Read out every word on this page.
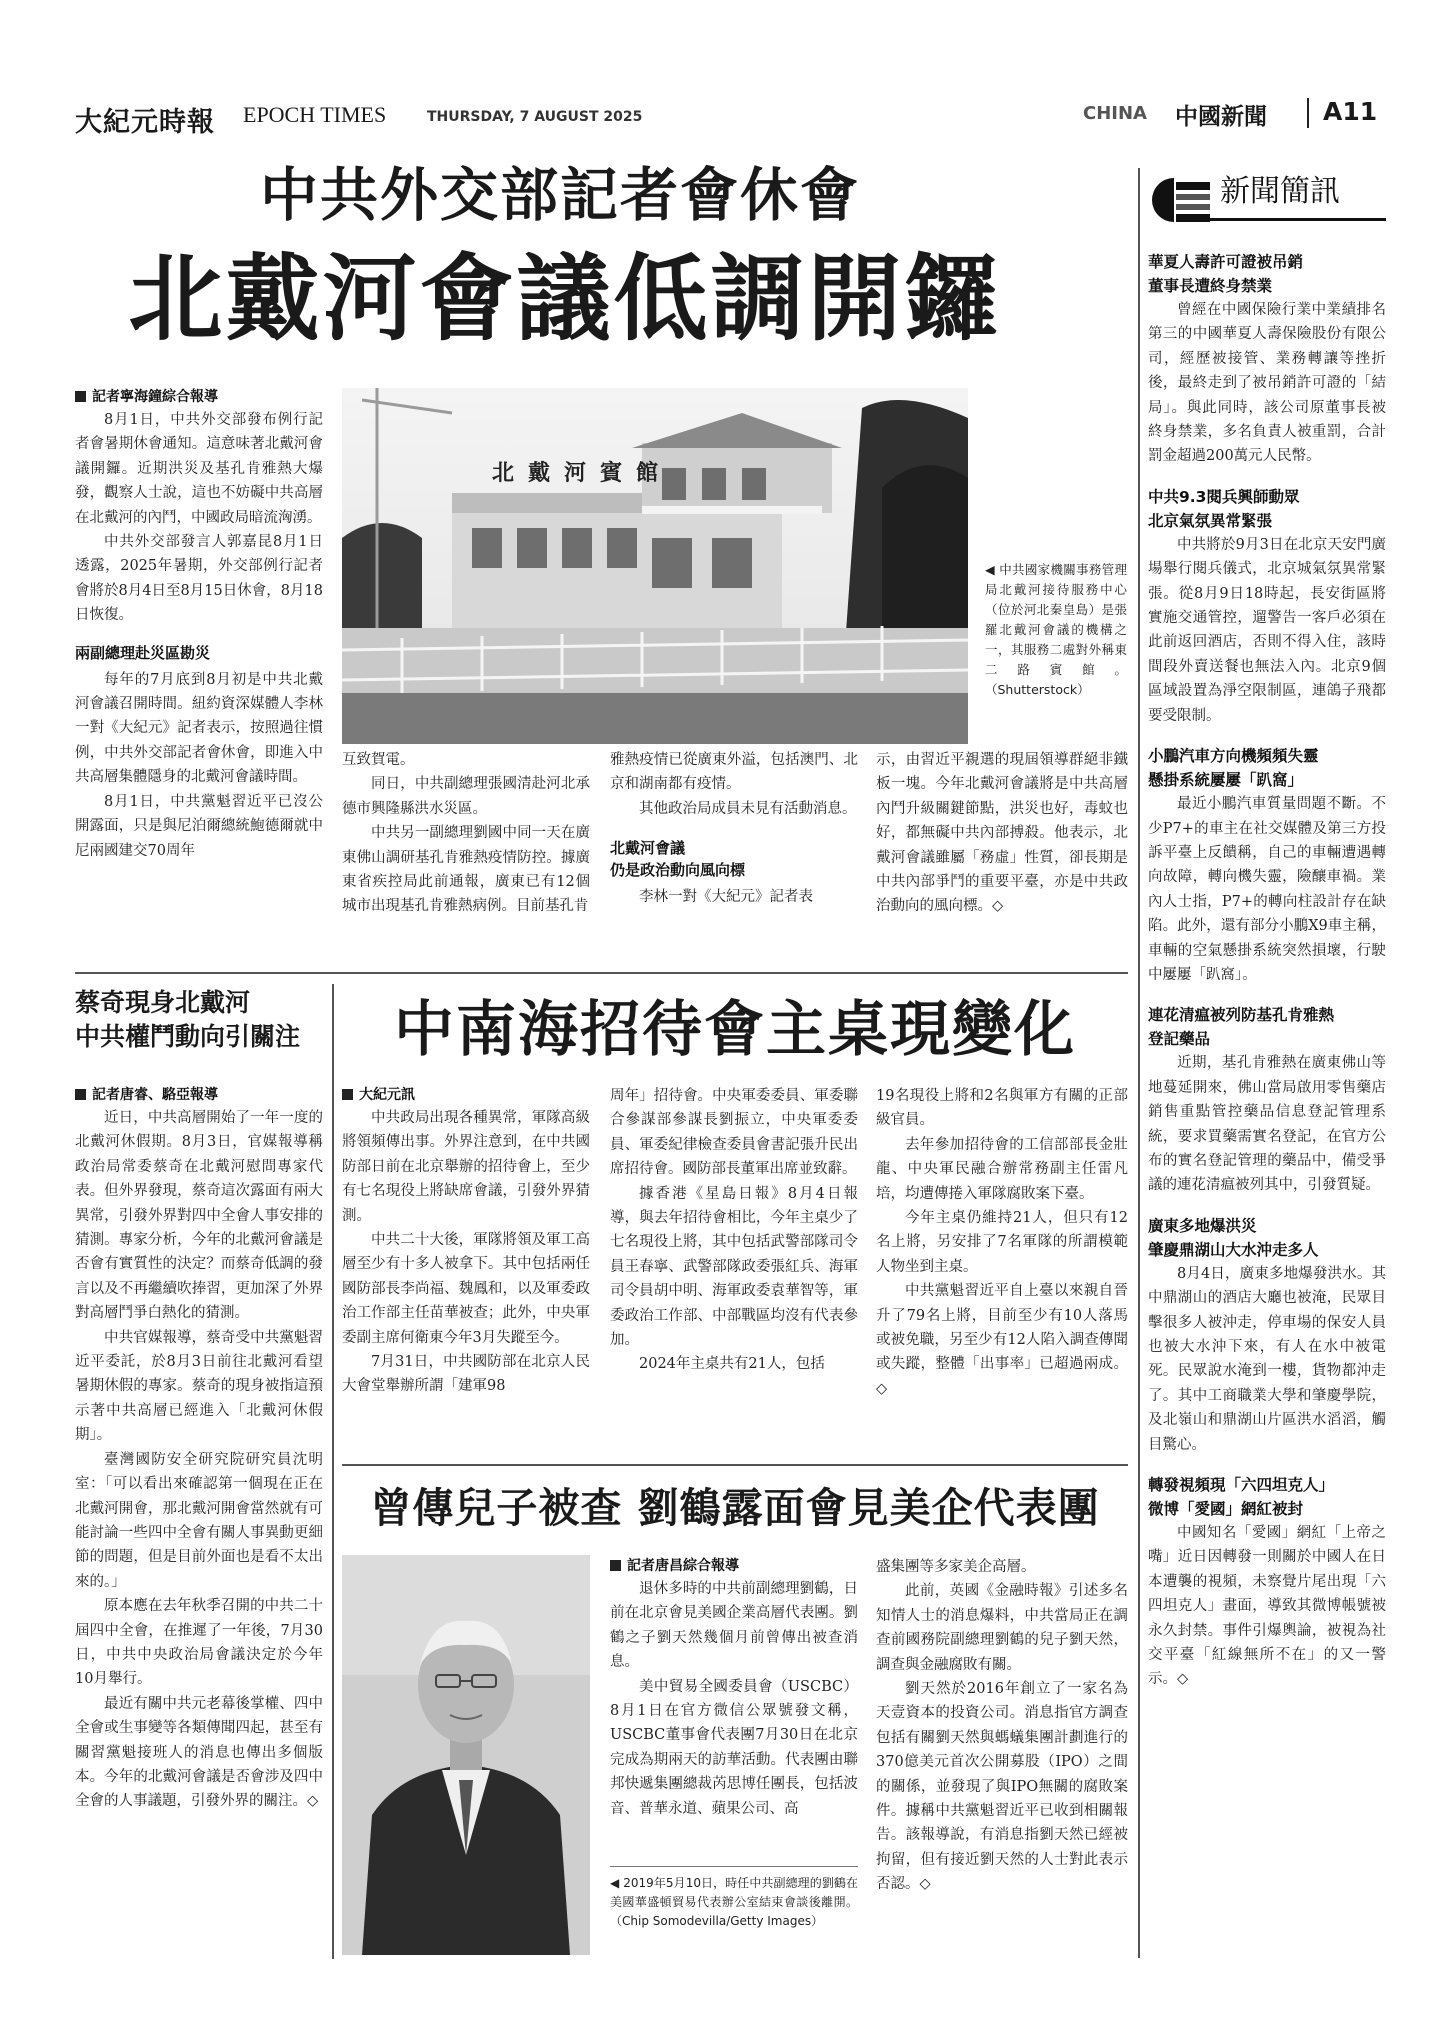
大紀元時報 EPOCH TIMES	THURSDAY, 7 AUGUST 2025	CHINA 中國新聞 A11
中共外交部記者會休會
北戴河會議低調開鑼
記者寧海鐘綜合報導

8月1日，中共外交部發布例行記者會暑期休會通知。這意味著北戴河會議開鑼。近期洪災及基孔肯雅熱大爆發，觀察人士說，這也不妨礙中共高層在北戴河的內鬥，中國政局暗流洶湧。

中共外交部發言人郭嘉昆8月1日透露，2025年暑期，外交部例行記者會將於8月4日至8月15日休會，8月18日恢復。

兩副總理赴災區勘災

每年的7月底到8月初是中共北戴河會議召開時間。紐約資深媒體人李林一對《大紀元》記者表示，按照過往慣例，中共外交部記者會休會，即進入中共高層集體隱身的北戴河會議時間。

8月1日，中共黨魁習近平已沒公開露面，只是與尼泊爾總統鮑德爾就中尼兩國建交70周年

北戴河賓館
◀ 中共國家機關事務管理局北戴河接待服務中心（位於河北秦皇島）是張羅北戴河會議的機構之一，其服務二處對外稱東二路賓館。（Shutterstock）
互致賀電。

同日，中共副總理張國清赴河北承德市興隆縣洪水災區。

中共另一副總理劉國中同一天在廣東佛山調研基孔肯雅熱疫情防控。據廣東省疾控局此前通報，廣東已有12個城市出現基孔肯雅熱病例。目前基孔肯

雅熱疫情已從廣東外溢，包括澳門、北京和湖南都有疫情。

其他政治局成員未見有活動消息。

北戴河會議
仍是政治動向風向標

李林一對《大紀元》記者表

示，由習近平親選的現屆領導群絕非鐵板一塊。今年北戴河會議將是中共高層內鬥升級關鍵節點，洪災也好，毒蚊也好，都無礙中共內部搏殺。他表示，北戴河會議雖屬「務虛」性質，卻長期是中共內部爭鬥的重要平臺，亦是中共政治動向的風向標。◇
蔡奇現身北戴河
中共權鬥動向引關注
記者唐睿、駱亞報導

近日，中共高層開始了一年一度的北戴河休假期。8月3日，官媒報導稱政治局常委蔡奇在北戴河慰問專家代表。但外界發現，蔡奇這次露面有兩大異常，引發外界對四中全會人事安排的猜測。專家分析，今年的北戴河會議是否會有實質性的決定？而蔡奇低調的發言以及不再繼續吹捧習，更加深了外界對高層鬥爭白熱化的猜測。

中共官媒報導，蔡奇受中共黨魁習近平委託，於8月3日前往北戴河看望暑期休假的專家。蔡奇的現身被指這預示著中共高層已經進入「北戴河休假期」。

臺灣國防安全研究院研究員沈明室：「可以看出來確認第一個現在正在北戴河開會，那北戴河開會當然就有可能討論一些四中全會有關人事異動更細節的問題，但是目前外面也是看不太出來的。」

原本應在去年秋季召開的中共二十屆四中全會，在推遲了一年後，7月30日，中共中央政治局會議決定於今年10月舉行。

最近有關中共元老幕後掌權、四中全會或生事變等各類傳聞四起，甚至有關習黨魁接班人的消息也傳出多個版本。今年的北戴河會議是否會涉及四中全會的人事議題，引發外界的關注。◇

中南海招待會主桌現變化
大紀元訊

中共政局出現各種異常，軍隊高級將領頻傳出事。外界注意到，在中共國防部日前在北京舉辦的招待會上，至少有七名現役上將缺席會議，引發外界猜測。

中共二十大後，軍隊將領及軍工高層至少有十多人被拿下。其中包括兩任國防部長李尚福、魏鳳和，以及軍委政治工作部主任苗華被查；此外，中央軍委副主席何衛東今年3月失蹤至今。

7月31日，中共國防部在北京人民大會堂舉辦所謂「建軍98

周年」招待會。中央軍委委員、軍委聯合參謀部參謀長劉振立，中央軍委委員、軍委紀律檢查委員會書記張升民出席招待會。國防部長董軍出席並致辭。

據香港《星島日報》8月4日報導，與去年招待會相比，今年主桌少了七名現役上將，其中包括武警部隊司令員王春寧、武警部隊政委張紅兵、海軍司令員胡中明、海軍政委袁華智等，軍委政治工作部、中部戰區均沒有代表參加。

2024年主桌共有21人，包括

19名現役上將和2名與軍方有關的正部級官員。

去年參加招待會的工信部部長金壯龍、中央軍民融合辦常務副主任雷凡培，均遭傳捲入軍隊腐敗案下臺。

今年主桌仍維持21人，但只有12名上將，另安排了7名軍隊的所謂模範人物坐到主桌。

中共黨魁習近平自上臺以來親自晉升了79名上將，目前至少有10人落馬或被免職，另至少有12人陷入調查傳聞或失蹤，整體「出事率」已超過兩成。◇

曾傳兒子被查 劉鶴露面會見美企代表團
記者唐昌綜合報導

退休多時的中共前副總理劉鶴，日前在北京會見美國企業高層代表團。劉鶴之子劉天然幾個月前曾傳出被查消息。

美中貿易全國委員會（USCBC）8月1日在官方微信公眾號發文稱，USCBC董事會代表團7月30日在北京完成為期兩天的訪華活動。代表團由聯邦快遞集團總裁芮思博任團長，包括波音、普華永道、蘋果公司、高

◀ 2019年5月10日，時任中共副總理的劉鶴在美國華盛頓貿易代表辦公室結束會談後離開。（Chip Somodevilla/Getty Images）
盛集團等多家美企高層。

此前，英國《金融時報》引述多名知情人士的消息爆料，中共當局正在調查前國務院副總理劉鶴的兒子劉天然，調查與金融腐敗有關。

劉天然於2016年創立了一家名為天壹資本的投資公司。消息指官方調查包括有關劉天然與螞蟻集團計劃進行的370億美元首次公開募股（IPO）之間的關係，並發現了與IPO無關的腐敗案件。據稱中共黨魁習近平已收到相關報告。該報導說，有消息指劉天然已經被拘留，但有接近劉天然的人士對此表示否認。◇

新聞簡訊
華夏人壽許可證被吊銷
董事長遭終身禁業
曾經在中國保險行業中業績排名第三的中國華夏人壽保險股份有限公司，經歷被接管、業務轉讓等挫折後，最終走到了被吊銷許可證的「結局」。與此同時，該公司原董事長被終身禁業，多名負責人被重罰，合計罰金超過200萬元人民幣。
中共9.3閱兵興師動眾
北京氣氛異常緊張
中共將於9月3日在北京天安門廣場舉行閱兵儀式，北京城氣氛異常緊張。從8月9日18時起，長安街區將實施交通管控，遛警告一客戶必須在此前返回酒店，否則不得入住，該時間段外賣送餐也無法入內。北京9個區域設置為淨空限制區，連鴿子飛都要受限制。
小鵬汽車方向機頻頻失靈
懸掛系統屢屢「趴窩」
最近小鵬汽車質量問題不斷。不少P7+的車主在社交媒體及第三方投訴平臺上反饋稱，自己的車輛遭遇轉向故障，轉向機失靈，險釀車禍。業內人士指，P7+的轉向柱設計存在缺陷。此外，還有部分小鵬X9車主稱，車輛的空氣懸掛系統突然損壞，行駛中屢屢「趴窩」。
連花清瘟被列防基孔肯雅熱
登記藥品
近期，基孔肯雅熱在廣東佛山等地蔓延開來，佛山當局啟用零售藥店銷售重點管控藥品信息登記管理系統，要求買藥需實名登記，在官方公布的實名登記管理的藥品中，備受爭議的連花清瘟被列其中，引發質疑。
廣東多地爆洪災
肇慶鼎湖山大水沖走多人
8月4日，廣東多地爆發洪水。其中鼎湖山的酒店大廳也被淹，民眾目擊很多人被沖走，停車場的保安人員也被大水沖下來，有人在水中被電死。民眾說水淹到一樓，貨物都沖走了。其中工商職業大學和肇慶學院，及北嶺山和鼎湖山片區洪水滔滔，觸目驚心。
轉發視頻現「六四坦克人」
微博「愛國」網紅被封
中國知名「愛國」網紅「上帝之嘴」近日因轉發一則關於中國人在日本遭襲的視頻，未察覺片尾出現「六四坦克人」畫面，導致其微博帳號被永久封禁。事件引爆輿論，被視為社交平臺「紅線無所不在」的又一警示。◇
